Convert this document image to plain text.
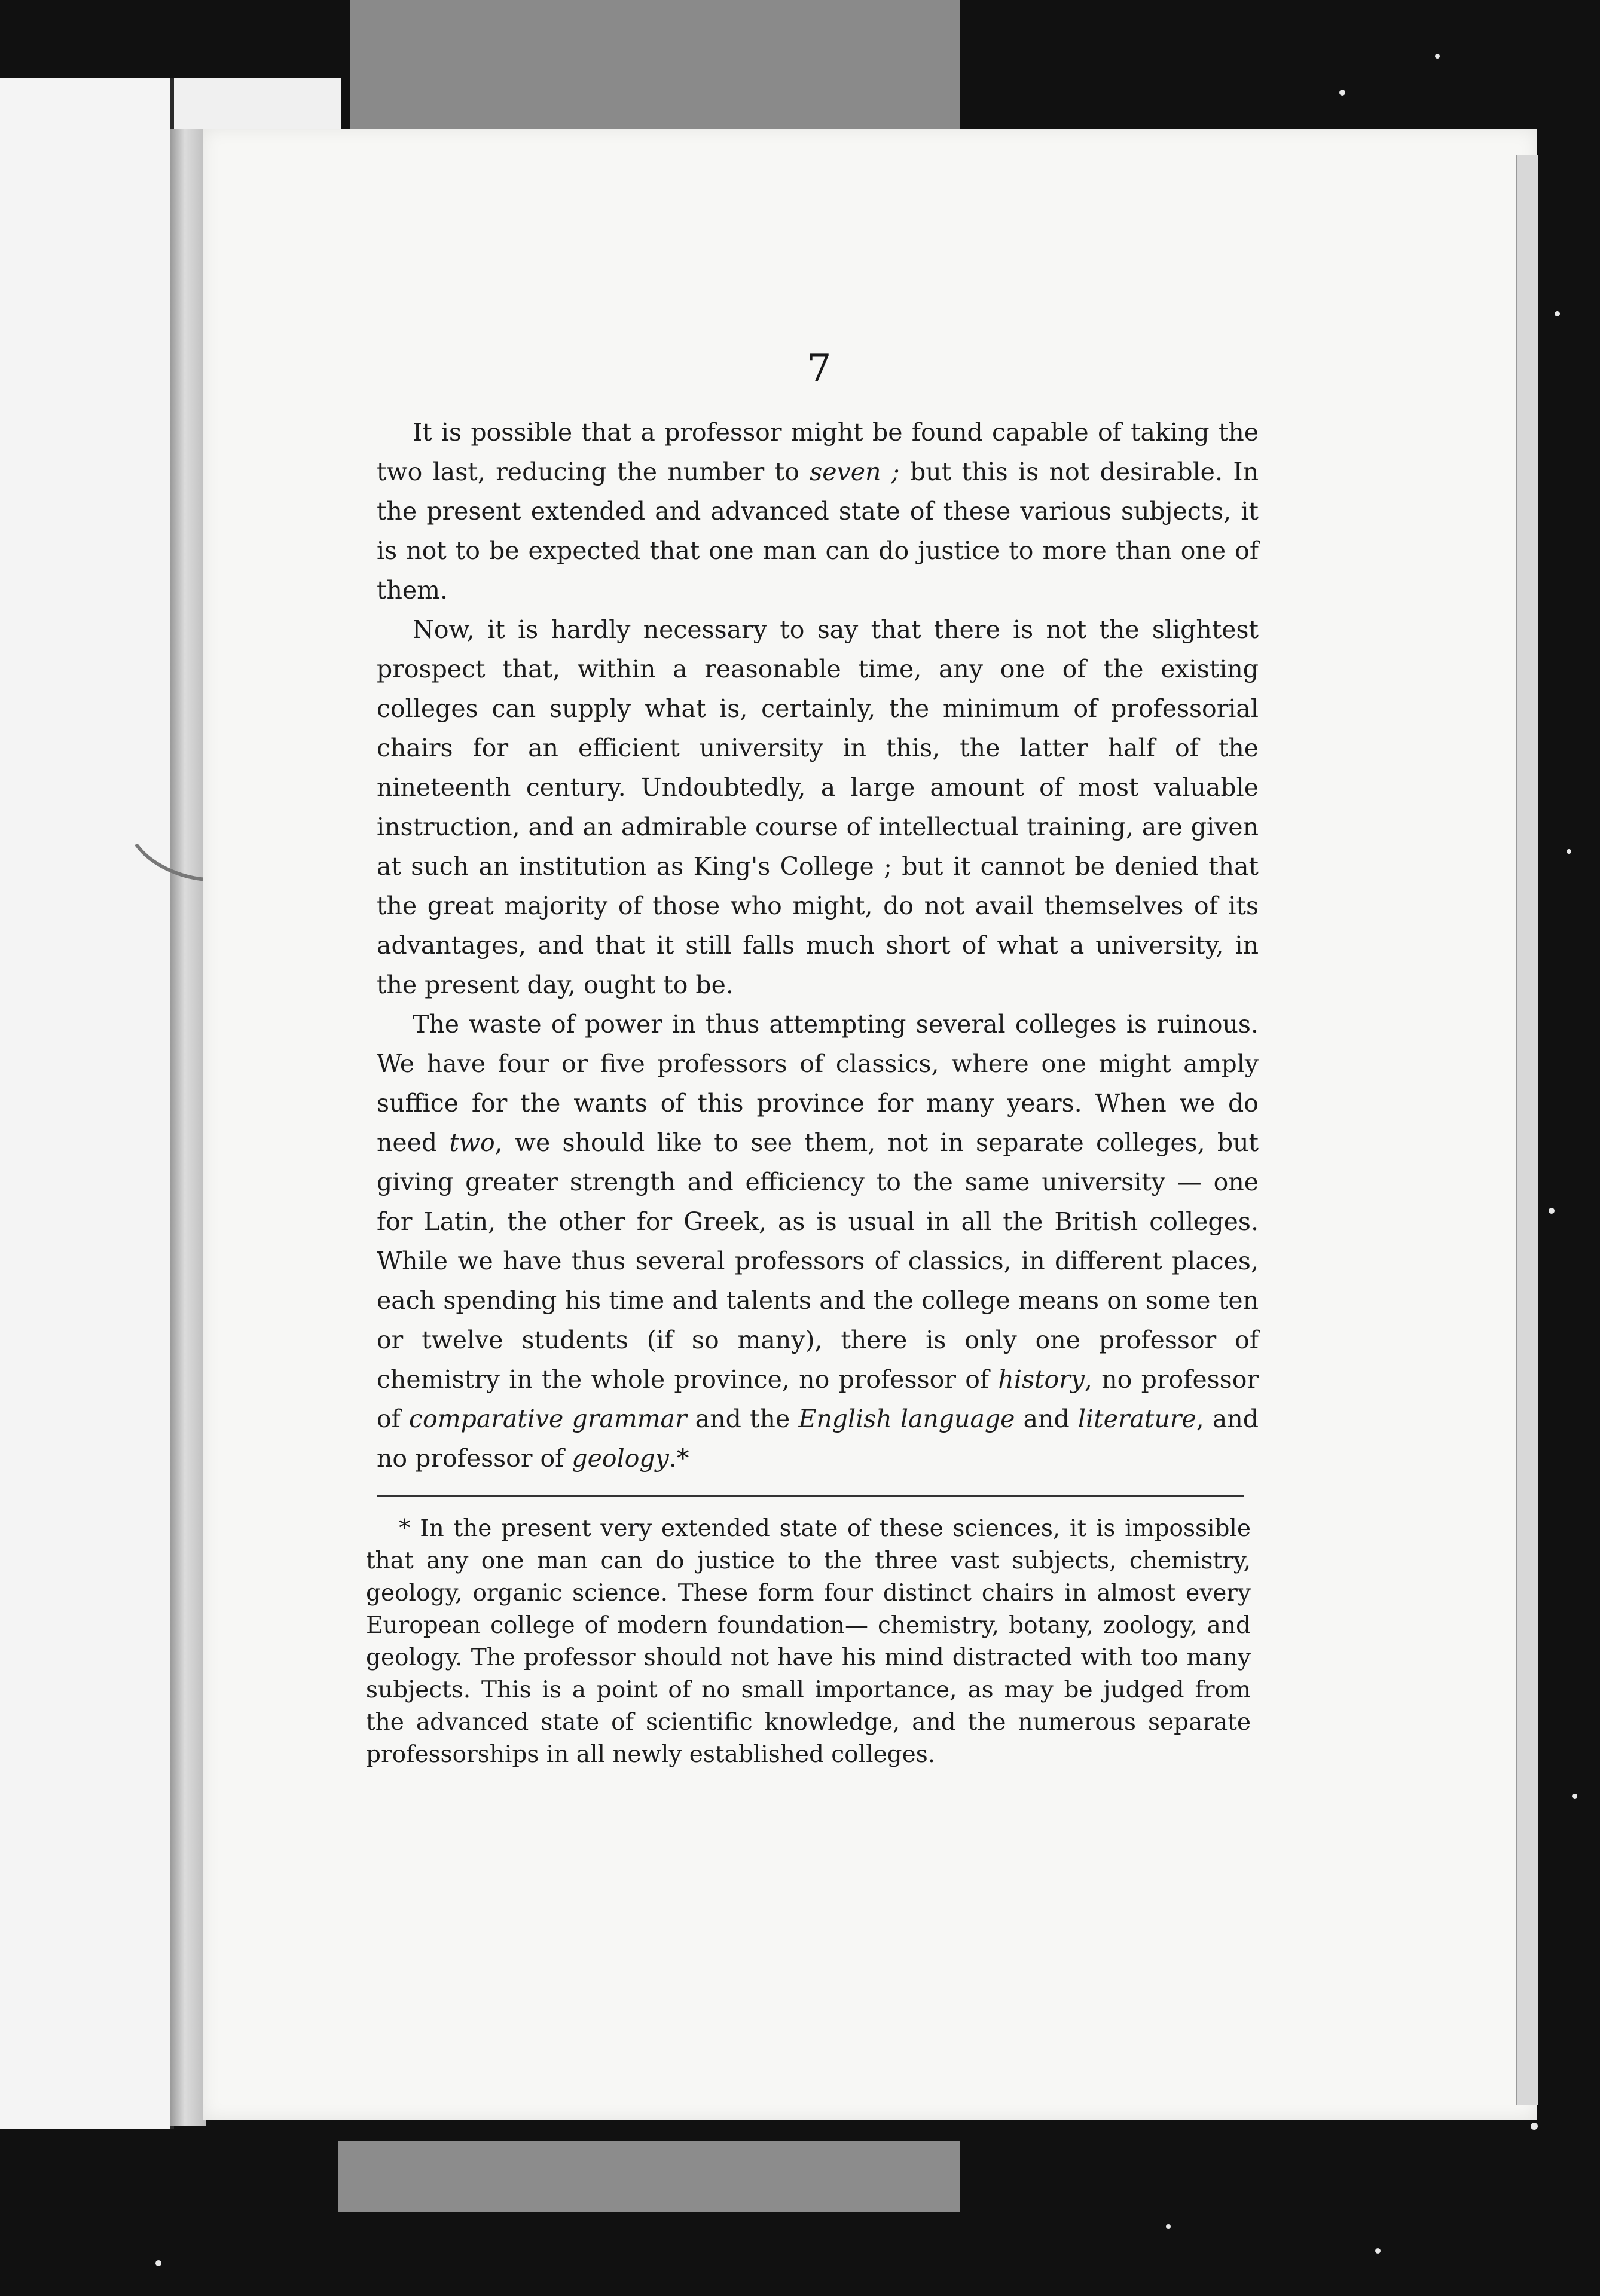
7

It is possible that a professor might be found capable of taking the two last, reducing the number to seven ; but this is not desirable. In the present extended and advanced state of these various subjects, it is not to be expected that one man can do justice to more than one of them.

Now, it is hardly necessary to say that there is not the slightest prospect that, within a reasonable time, any one of the existing colleges can supply what is, certainly, the minimum of professorial chairs for an efficient university in this, the latter half of the nineteenth century. Undoubtedly, a large amount of most valuable instruction, and an admirable course of intellectual training, are given at such an institution as King's College ; but it cannot be denied that the great majority of those who might, do not avail themselves of its advantages, and that it still falls much short of what a university, in the present day, ought to be.

The waste of power in thus attempting several colleges is ruinous. We have four or five professors of classics, where one might amply suffice for the wants of this province for many years. When we do need two, we should like to see them, not in separate colleges, but giving greater strength and efficiency to the same university — one for Latin, the other for Greek, as is usual in all the British colleges. While we have thus several professors of classics, in different places, each spending his time and talents and the college means on some ten or twelve students (if so many), there is only one professor of chemistry in the whole province, no professor of history, no professor of comparative grammar and the English language and literature, and no professor of geology.*

* In the present very extended state of these sciences, it is impossible that any one man can do justice to the three vast subjects, chemistry, geology, organic science. These form four distinct chairs in almost every European college of modern foundation— chemistry, botany, zoology, and geology. The professor should not have his mind distracted with too many subjects. This is a point of no small importance, as may be judged from the advanced state of scientific knowledge, and the numerous separate professorships in all newly established colleges.
